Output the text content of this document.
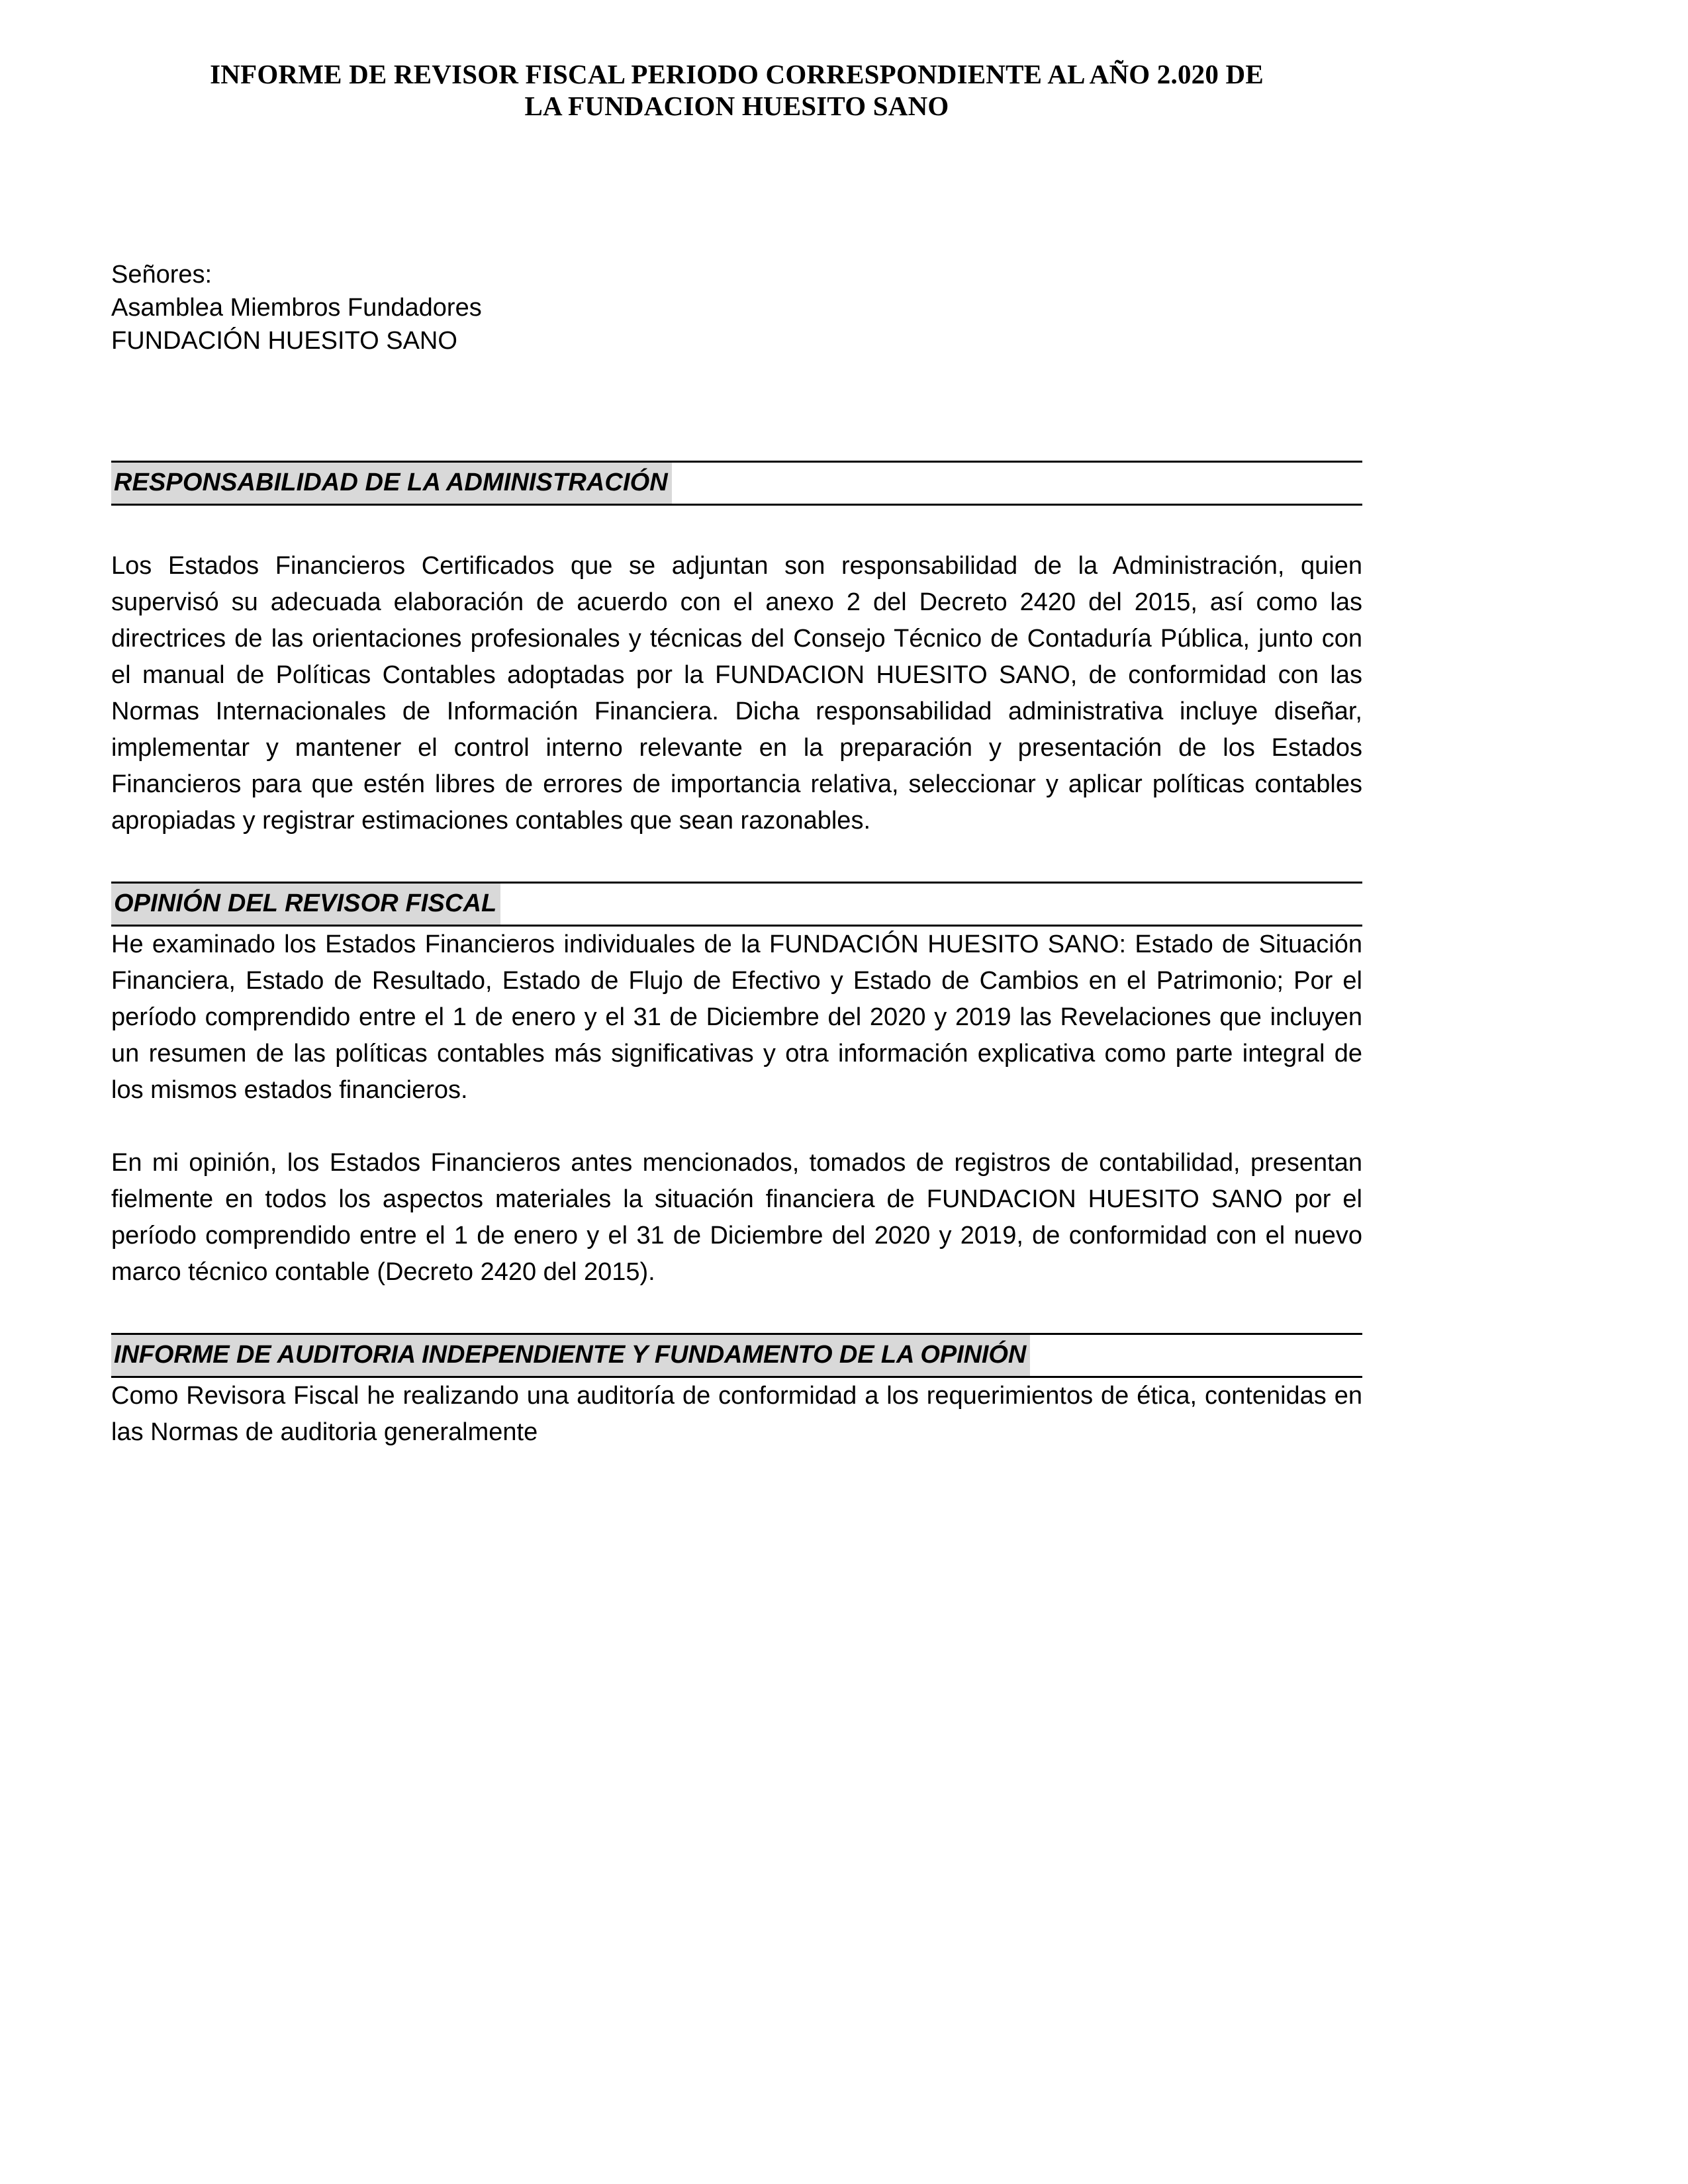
INFORME DE REVISOR FISCAL PERIODO CORRESPONDIENTE AL AÑO 2.020 DE
LA FUNDACION HUESITO SANO
Señores:
Asamblea Miembros Fundadores
FUNDACIÓN HUESITO SANO
RESPONSABILIDAD DE LA ADMINISTRACIÓN

Los Estados Financieros Certificados que se adjuntan son responsabilidad de la Administración, quien supervisó su adecuada elaboración de acuerdo con el anexo 2 del Decreto 2420 del 2015, así como las directrices de las orientaciones profesionales y técnicas del Consejo Técnico de Contaduría Pública, junto con el manual de Políticas Contables adoptadas por la FUNDACION HUESITO SANO, de conformidad con las Normas Internacionales de Información Financiera. Dicha responsabilidad administrativa incluye diseñar, implementar y mantener el control interno relevante en la preparación y presentación de los Estados Financieros para que estén libres de errores de importancia relativa, seleccionar y aplicar políticas contables apropiadas y registrar estimaciones contables que sean razonables.

OPINIÓN DEL REVISOR FISCAL

He examinado los Estados Financieros individuales de la FUNDACIÓN HUESITO SANO: Estado de Situación Financiera, Estado de Resultado, Estado de Flujo de Efectivo y Estado de Cambios en el Patrimonio; Por el período comprendido entre el 1 de enero y el 31 de Diciembre del 2020 y 2019 las Revelaciones que incluyen un resumen de las políticas contables más significativas y otra información explicativa como parte integral de los mismos estados financieros.

En mi opinión, los Estados Financieros antes mencionados, tomados de registros de contabilidad, presentan fielmente en todos los aspectos materiales la situación financiera de FUNDACION HUESITO SANO por el período comprendido entre el 1 de enero y el 31 de Diciembre del 2020 y 2019, de conformidad con el nuevo marco técnico contable (Decreto 2420 del 2015).

INFORME DE AUDITORIA INDEPENDIENTE Y FUNDAMENTO DE LA OPINIÓN

Como Revisora Fiscal he realizando una auditoría de conformidad a los requerimientos de ética, contenidas en las Normas de auditoria generalmente
